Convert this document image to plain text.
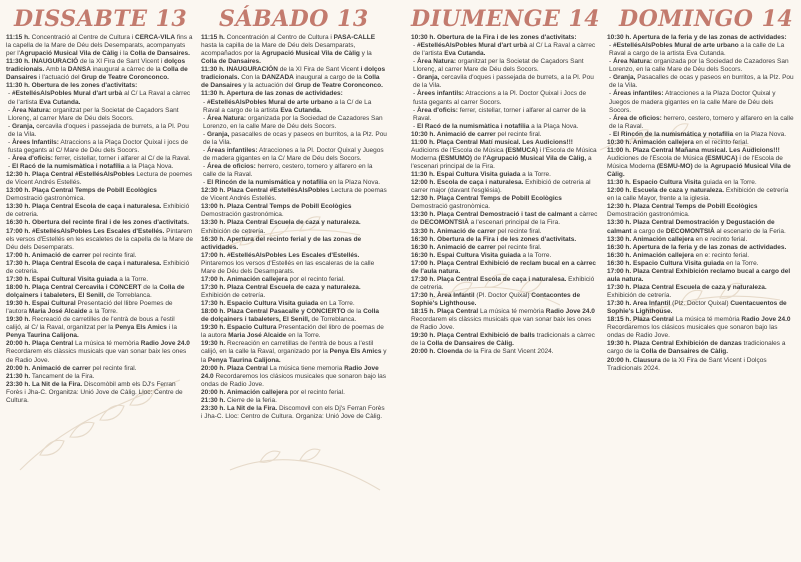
DISSABTE 13

11:15 h. Concentració al Centre de Cultura i CERCA-VILA fins a la capella de la Mare de Déu dels Desemparats, acompanyats per l'Agrupació Musical Vila de Càlig i la Colla de Dansaires.

11:30 h. INAUGURACIÓ de la XI Fira de Sant Vicent i dolços tradicionals. Amb la DANSA inaugural a càrrec de la Colla de Dansaires i l'actuació del Grup de Teatre Coronconco.

11:30 h. Obertura de les zones d'activitats:

- #EstellésAlsPobles Mural d'art urbà al C/ La Raval a càrrec de l'artista Eva Cutanda.

- Àrea Natura: organitzat per la Societat de Caçadors Sant Llorenç, al carrer Mare de Déu dels Socors.

- Granja, cercavila d'oques i passejada de burrets, a la Pl. Pou de la Vila.

- Àrees Infantils: Atraccions a la Plaça Doctor Quixal i jocs de fusta gegants al C/ Mare de Déu dels Socors.

- Àrea d'oficis: ferrer, cistellar, torner i alfarer al C/ de la Raval.

- El Racó de la numismàtica i notafília a la Plaça Nova.

12:30 h. Plaça Central #EstellésAlsPobles Lectura de poemes de Vicent Andrés Estellés.

13:00 h. Plaça Central Temps de Pobill Ecològics Demostració gastronòmica.

13:30 h. Plaça Central Escola de caça i naturalesa. Exhibició de cetreria.

16:30 h. Obertura del recinte firal i de les zones d'activitats.

17:00 h. #EstellésAlsPobles Les Escales d'Estellés. Pintarem els versos d'Estellés en les escaletes de la capella de la Mare de Déu dels Desemparats.

17:00 h. Animació de carrer pel recinte firal.

17:30 h. Plaça Central Escola de caça i naturalesa. Exhibició de cetreria.

17:30 h. Espai Cultural Visita guiada a la Torre.

18:00 h. Plaça Central Cercavila i CONCERT de la Colla de dolçainers i tabaleters, El Senill, de Torreblanca.

19:30 h. Espai Cultural Presentació del llibre Poemes de l'autora Maria José Alcaide a la Torre.

19:30 h. Recreació de carretilles de l'entrà de bous a l'estil calijó, al C/ la Raval, organitzat per la Penya Els Amics i la Penya Taurina Calijona.

20:00 h. Plaça Central La música té memòria Radio Jove 24.0 Recordarem els clàssics musicals que van sonar baix les ones de Radio Jove.

20:00 h. Animació de carrer pel recinte firal.

21:30 h. Tancament de la Fira.

23:30 h. La Nit de la Fira. Discomòbil amb els DJ's Ferran Forès i Jha-C. Organitza: Unió Jove de Càlig. Lloc: Centre de Cultura.

SÁBADO 13

11:15 h. Concentración al Centro de Cultura i PASA-CALLE hasta la capilla de la Mare de Déu dels Desamparats, acompañados por la Agrupació Musical Vila de Càlig y la Colla de Dansaires.

11:30 h. INAUGURACIÓN de la XI Fira de Sant Vicent i dolços tradicionals. Con la DANZADA inaugural a cargo de la Colla de Dansaires y la actuación del Grup de Teatre Coronconco.

11:30 h. Apertura de las zonas de actividades:

- #EstellésAlsPobles Mural de arte urbano a la C/ de La Raval a cargo de la artista Eva Cutanda.

- Área Natura: organizada por la Sociedad de Cazadores San Lorenzo, en la calle Mare de Déu dels Socors.

- Granja, pasacalles de ocas y paseos en burritos, a la Plz. Pou de la Vila.

- Áreas infantiles: Atracciones a la Pl. Doctor Quixal y Juegos de madera gigantes en la C/ Mare de Déu dels Socors.

- Área de oficios: herrero, cestero, tornero y alfarero en la calle de la Raval.

- El Rincón de la numismática y notafilia en la Plaza Nova.

12:30 h. Plaza Central #EstellésAlsPobles Lectura de poemas de Vicent Andrés Estellés.

13:00 h. Plaza Central Temps de Pobill Ecològics Demostración gastronómica.

13:30 h. Plaza Central Escuela de caza y naturaleza. Exhibición de cetrería.

16:30 h. Apertura del recinto ferial y de las zonas de actividades.

17:00 h. #EstellésAlsPobles Les Escales d'Estellés. Pintaremos los versos d'Estellés en las escaleras de la calle Mare de Déu dels Desamparats.

17:00 h. Animación callejera por el recinto ferial.

17:30 h. Plaza Central Escuela de caza y naturaleza. Exhibición de cetrería.

17:30 h. Espacio Cultura Visita guiada en La Torre.

18:00 h. Plaza Central Pasacalle y CONCIERTO de la Colla de dolçainers i tabaleters, El Senill, de Torreblanca.

19:30 h. Espacio Cultura Presentación del libro de poemas de la autora Maria José Alcaide en la Torre.

19:30 h. Recreación en carretillas de l'entrà de bous a l'estil calijó, en la calle la Raval, organizado por la Penya Els Amics y la Penya Taurina Calijona.

20:00 h. Plaza Central La música tiene memoria Radio Jove 24.0 Recordaremos los clásicos musicales que sonaron bajo las ondas de Radio Jove.

20:00 h. Animación callejera por el recinto ferial.

21:30 h. Cierre de la feria.

23:30 h. La Nit de la Fira. Discomovil con els Dj's Ferran Forès i Jha-C. Lloc: Centro de Cultura. Organiza: Unió Jove de Càlig.

DIUMENGE 14

10:30 h. Obertura de la Fira i de les zones d'activitats:

- #EstellésAlsPobles Mural d'art urbà al C/ La Raval a càrrec de l'artista Eva Cutanda.

- Àrea Natura: organitzat per la Societat de Caçadors Sant Llorenç, al carrer Mare de Déu dels Socors.

- Granja, cercavila d'oques i passejada de burrets, a la Pl. Pou de la Vila.

- Àrees infantils: Atraccions a la Pl. Doctor Quixal i Jocs de fusta gegants al carrer Socors.

- Àrea d'oficis: ferrer, cistellar, torner i alfarer al carrer de la Raval.

- El Racó de la numismàtica i notafília a la Plaça Nova.

10:30 h. Animació de carrer pel recinte firal.

11:00 h. Plaça Central Matí musical. Les Audicions!!! Audicions de l'Escola de Música (ESMUCA) i l'Escola de Música Moderna (ESMUMO) de l'Agrupació Musical Vila de Càlig, a l'escenari principal de la Fira.

11:30 h. Espai Cultura Visita guiada a la Torre.

12:00 h. Escola de caça i naturalesa. Exhibició de cetreria al carrer major (davant l'església).

12:30 h. Plaça Central Temps de Pobill Ecològics Demostració gastronòmica.

13:30 h. Plaça Central Demostració i tast de calmant a càrrec de DECOMONTSIÀ a l'escenari principal de la Fira.

13:30 h. Animació de carrer pel recinte firal.

16:30 h. Obertura de la Fira i de les zones d'activitats.

16:30 h. Animació de carrer pel recinte firal.

16:30 h. Espai Cultura Visita guiada a la Torre.

17:00 h. Plaça Central Exhibició de reclam bucal en a càrrec de l'aula natura.

17:30 h. Plaça Central Escola de caça i naturalesa. Exhibició de cetreria.

17:30 h. Àrea Infantil (Pl. Doctor Quixal) Contacontes de Sophie's Lighthouse.

18:15 h. Plaça Central La música té memòria Radio Jove 24.0 Recordarem els clàssics musicals que van sonar baix les ones de Radio Jove.

19:30 h. Plaça Central Exhibició de balls tradicionals a càrrec de la Colla de Dansaires de Càlig.

20:00 h. Cloenda de la Fira de Sant Vicent 2024.

DOMINGO 14

10:30 h. Apertura de la feria y de las zonas de actividades:

- #EstellésAlsPobles Mural de arte urbano a la calle de La Raval a cargo de la artista Eva Cutanda.

- Área Natura: organizada por la Sociedad de Cazadores San Lorenzo, en la calle Mare de Déu dels Socors.

- Granja, Pasacalles de ocas y paseos en burritos, a la Plz. Pou de la Vila.

- Áreas infantiles: Atracciones a la Plaza Doctor Quixal y Juegos de madera gigantes en la calle Mare de Déu dels Socors.

- Área de oficios: herrero, cestero, tornero y alfarero en la calle de la Raval.

- El Rincón de la numismática y notafilia en la Plaza Nova.

10:30 h. Animación callejera en el recinto ferial.

11:00 h. Plaza Central Mañana musical. Les Audicions!!! Audiciones de l'Escola de Música (ESMUCA) i de l'Escola de Música Moderna (ESMU-MO) de la Agrupació Musical Vila de Càlig.

11:30 h. Espacio Cultura Visita guiada en la Torre.

12:00 h. Escuela de caza y naturaleza. Exhibición de cetrería en la calle Mayor, frente a la iglesia.

12:30 h. Plaza Central Temps de Pobill Ecològics Demostración gastronómica.

13:30 h. Plaza Central Demostración y Degustación de calmant a cargo de DECOMONTSIÀ al escenario de la Feria.

13:30 h. Animación callejera en e recinto ferial.

16:30 h. Apertura de la feria y de las zonas de actividades.

16:30 h. Animación callejera en e: recinto ferial.

16:30 h. Espacio Cultura Visita guiada en la Torre.

17:00 h. Plaza Central Exhibición reclamo bucal a cargo del aula natura.

17:30 h. Plaza Central Escuela de caza y naturaleza. Exhibición de cetrería.

17:30 h. Area Infantil (Plz. Doctor Quixal) Cuentacuentos de Sophie's Lighthouse.

18:15 h. Plaza Central La música té memòria Radio Jove 24.0 Recordaremos los clásicos musicales que sonaron bajo las ondas de Radio Jove.

19:30 h. Plaza Central Exhibición de danzas tradicionales a cargo de la Colla de Dansaires de Càlig.

20:00 h. Clausura de la XI Fira de Sant Vicent i Dolços Tradicionals 2024.
